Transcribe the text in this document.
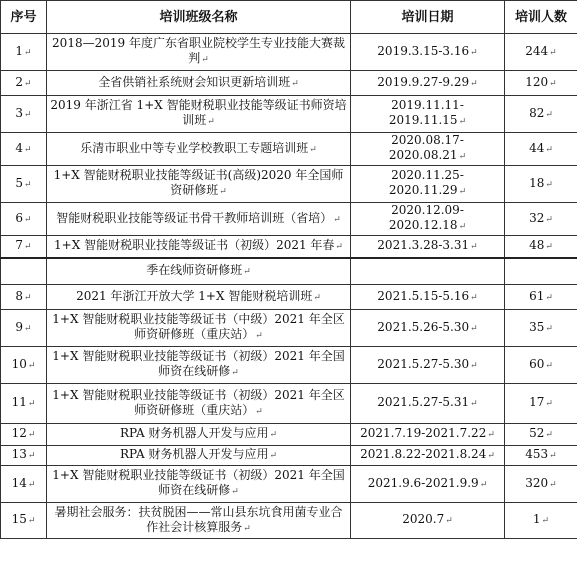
序号	培训班级名称	培训日期	培训人数
1↵	2018—2019 年度广东省职业院校学生专业技能大赛裁判↵	2019.3.15-3.16↵	244↵
2↵	全省供销社系统财会知识更新培训班↵	2019.9.27-9.29↵	120↵
3↵	2019 年浙江省 1+X 智能财税职业技能等级证书师资培训班↵	2019.11.11-2019.11.15↵	82↵
4↵	乐清市职业中等专业学校教职工专题培训班↵	2020.08.17-2020.08.21↵	44↵
5↵	1+X 智能财税职业技能等级证书(高级)2020 年全国师资研修班↵	2020.11.25-2020.11.29↵	18↵
6↵	智能财税职业技能等级证书骨干教师培训班（省培）↵	2020.12.09-2020.12.18↵	32↵
7↵	1+X 智能财税职业技能等级证书（初级）2021 年春↵	2021.3.28-3.31↵	48↵
	季在线师资研修班↵		
8↵	2021 年浙江开放大学 1+X 智能财税培训班↵	2021.5.15-5.16↵	61↵
9↵	1+X 智能财税职业技能等级证书（中级）2021 年全区师资研修班（重庆站）↵	2021.5.26-5.30↵	35↵
10↵	1+X 智能财税职业技能等级证书（初级）2021 年全国师资在线研修↵	2021.5.27-5.30↵	60↵
11↵	1+X 智能财税职业技能等级证书（初级）2021 年全区师资研修班（重庆站）↵	2021.5.27-5.31↵	17↵
12↵	RPA 财务机器人开发与应用↵	2021.7.19-2021.7.22↵	52↵
13↵	RPA 财务机器人开发与应用↵	2021.8.22-2021.8.24↵	453↵
14↵	1+X 智能财税职业技能等级证书（初级）2021 年全国师资在线研修↵	2021.9.6-2021.9.9↵	320↵
15↵	暑期社会服务：扶贫脱困——常山县东坑食用菌专业合作社会计核算服务↵	2020.7↵	1↵
